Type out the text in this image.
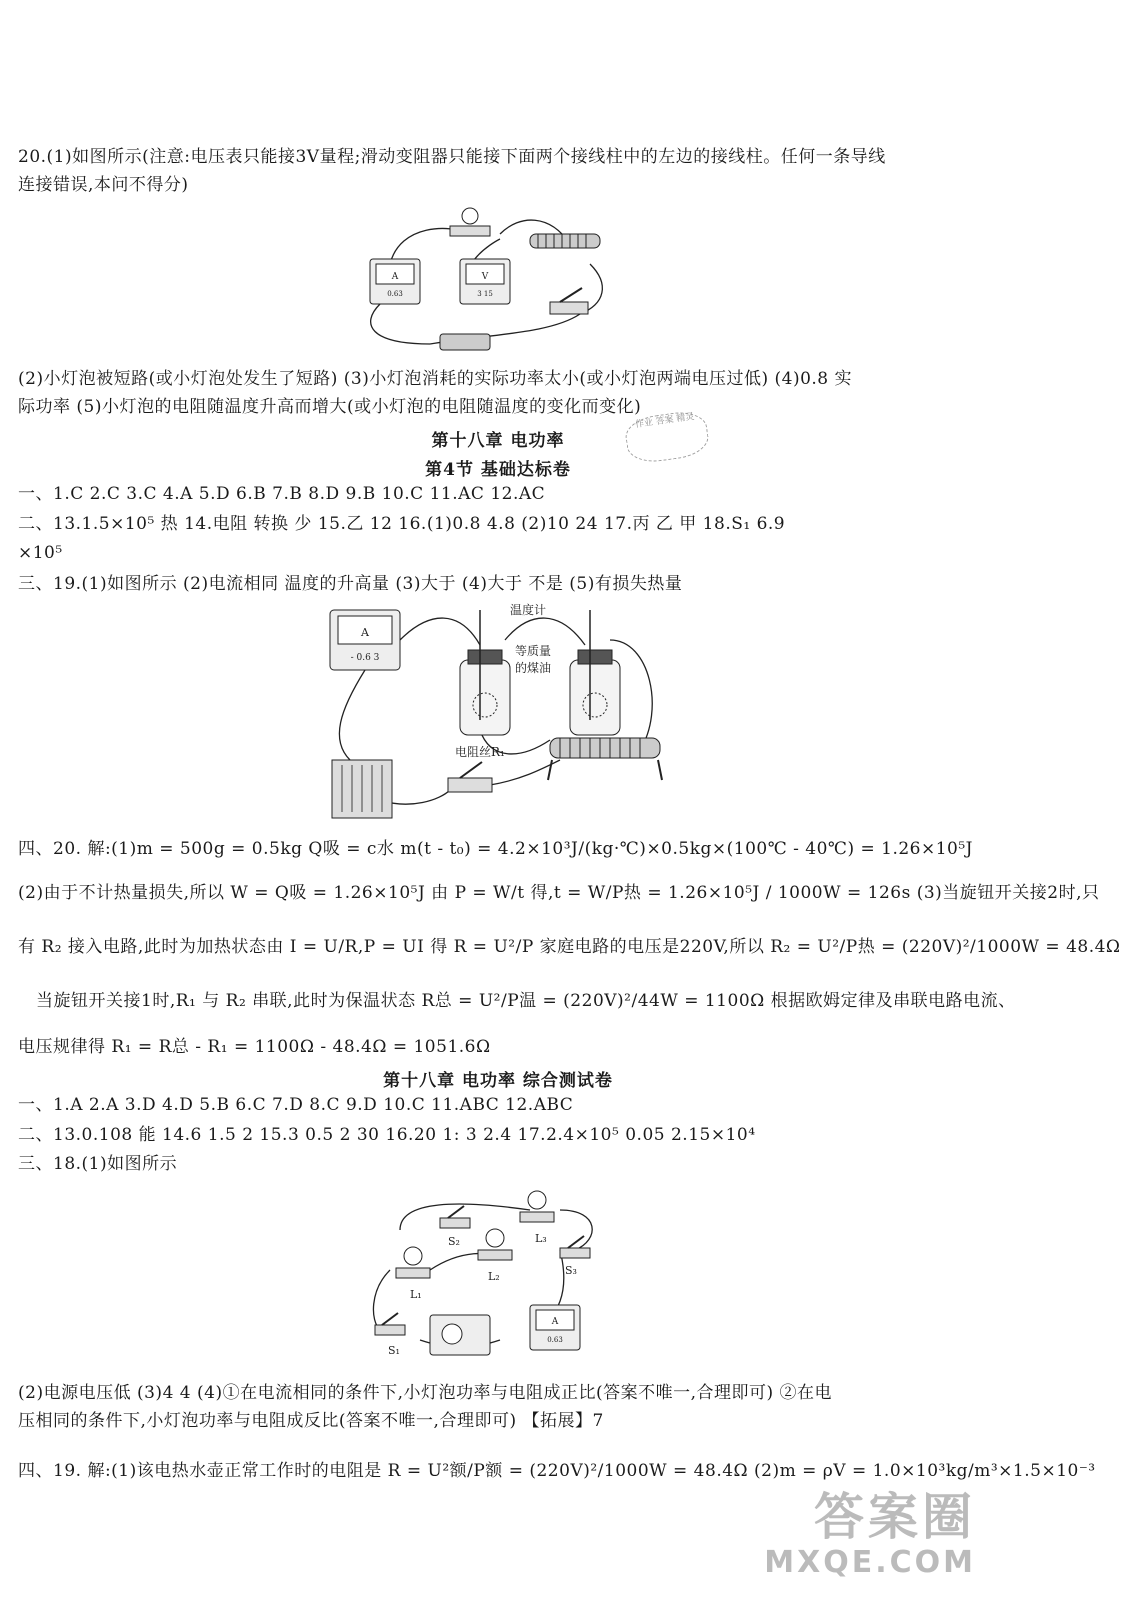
20.(1)如图所示(注意:电压表只能接3V量程;滑动变阻器只能接下面两个接线柱中的左边的接线柱。任何一条导线
连接错误,本问不得分)
A
0.63
V
3 15
(2)小灯泡被短路(或小灯泡处发生了短路) (3)小灯泡消耗的实际功率太小(或小灯泡两端电压过低) (4)0.8 实
际功率 (5)小灯泡的电阻随温度升高而增大(或小灯泡的电阻随温度的变化而变化)
第十八章 电功率
作业 答案 精灵
第4节 基础达标卷
一、1.C 2.C 3.C 4.A 5.D 6.B 7.B 8.D 9.B 10.C 11.AC 12.AC
二、13.1.5×10⁵ 热 14.电阻 转换 少 15.乙 12 16.(1)0.8 4.8 (2)10 24 17.丙 乙 甲 18.S₁ 6.9
×10⁵
三、19.(1)如图所示 (2)电流相同 温度的升高量 (3)大于 (4)大于 不是 (5)有损失热量
A
- 0.6 3
温度计
等质量
的煤油
电阻丝R₁
四、20. 解:(1)m = 500g = 0.5kg Q吸 = c水 m(t - t₀) = 4.2×10³J/(kg·℃)×0.5kg×(100℃ - 40℃) = 1.26×10⁵J
(2)由于不计热量损失,所以 W = Q吸 = 1.26×10⁵J 由 P = W/t 得,t = W/P热 = 1.26×10⁵J / 1000W = 126s (3)当旋钮开关接2时,只
有 R₂ 接入电路,此时为加热状态由 I = U/R,P = UI 得 R = U²/P 家庭电路的电压是220V,所以 R₂ = U²/P热 = (220V)²/1000W = 48.4Ω
当旋钮开关接1时,R₁ 与 R₂ 串联,此时为保温状态 R总 = U²/P温 = (220V)²/44W = 1100Ω 根据欧姆定律及串联电路电流、
电压规律得 R₁ = R总 - R₁ = 1100Ω - 48.4Ω = 1051.6Ω
第十八章 电功率 综合测试卷
一、1.A 2.A 3.D 4.D 5.B 6.C 7.D 8.C 9.D 10.C 11.ABC 12.ABC
二、13.0.108 能 14.6 1.5 2 15.3 0.5 2 30 16.20 1: 3 2.4 17.2.4×10⁵ 0.05 2.15×10⁴
三、18.(1)如图所示
A
0.63
S₂	L₃
S₃
L₂
L₁
S₁
(2)电源电压低 (3)4 4 (4)①在电流相同的条件下,小灯泡功率与电阻成正比(答案不唯一,合理即可) ②在电
压相同的条件下,小灯泡功率与电阻成反比(答案不唯一,合理即可) 【拓展】7
四、19. 解:(1)该电热水壶正常工作时的电阻是 R = U²额/P额 = (220V)²/1000W = 48.4Ω (2)m = ρV = 1.0×10³kg/m³×1.5×10⁻³
答案圈
MXQE.COM
